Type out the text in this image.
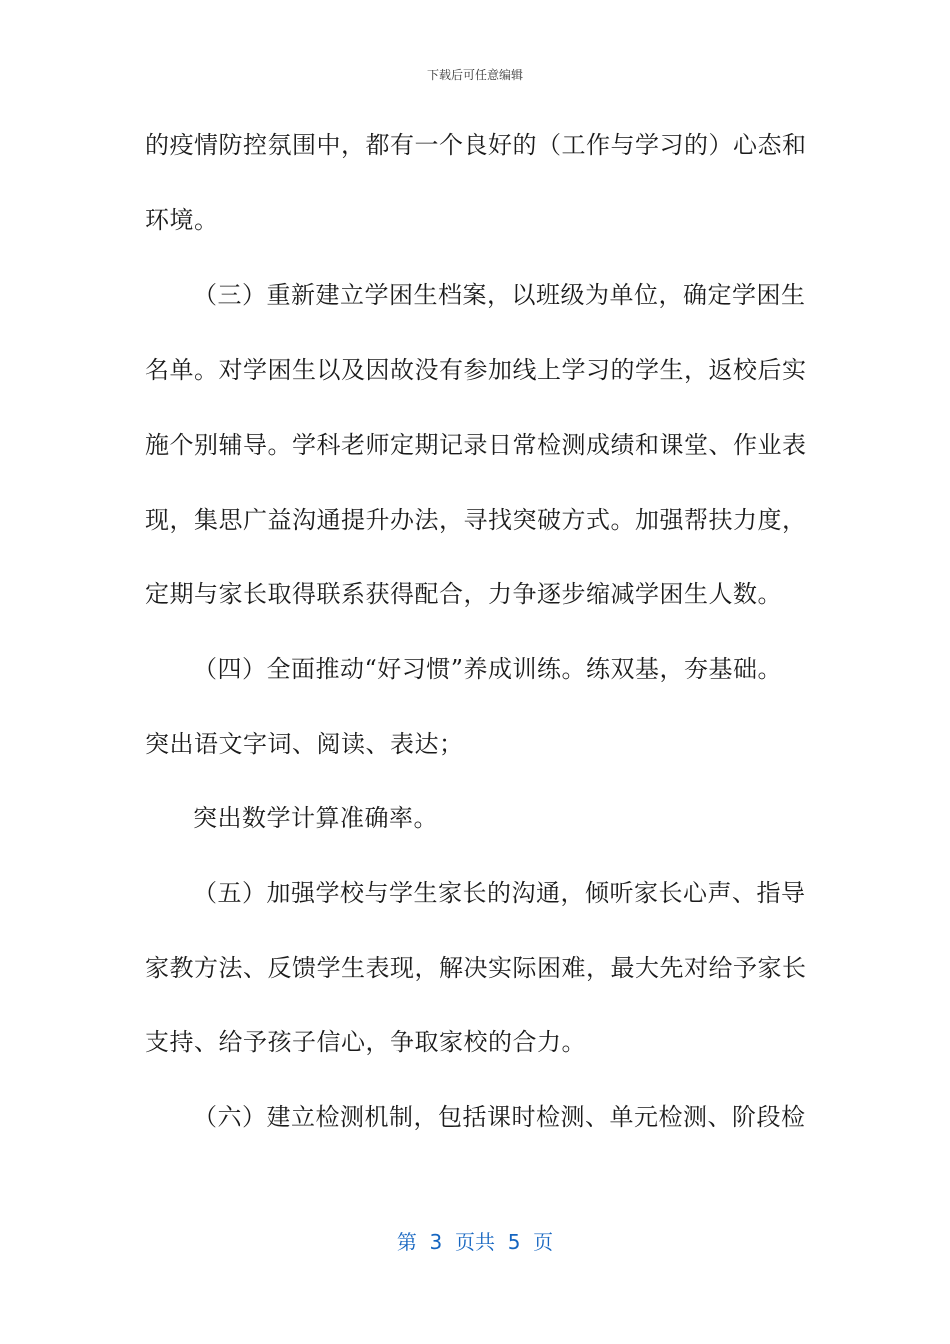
下载后可任意编辑
的疫情防控氛围中，都有一个良好的（工作与学习的）心态和
环境。
（三）重新建立学困生档案，以班级为单位，确定学困生
名单。对学困生以及因故没有参加线上学习的学生，返校后实
施个别辅导。学科老师定期记录日常检测成绩和课堂、作业表
现，集思广益沟通提升办法，寻找突破方式。加强帮扶力度，
定期与家长取得联系获得配合，力争逐步缩减学困生人数。
（四）全面推动“好习惯”养成训练。练双基，夯基础。
突出语文字词、阅读、表达；
突出数学计算准确率。
（五）加强学校与学生家长的沟通，倾听家长心声、指导
家教方法、反馈学生表现，解决实际困难，最大先对给予家长
支持、给予孩子信心，争取家校的合力。
（六）建立检测机制，包括课时检测、单元检测、阶段检
第  3  页共  5  页
